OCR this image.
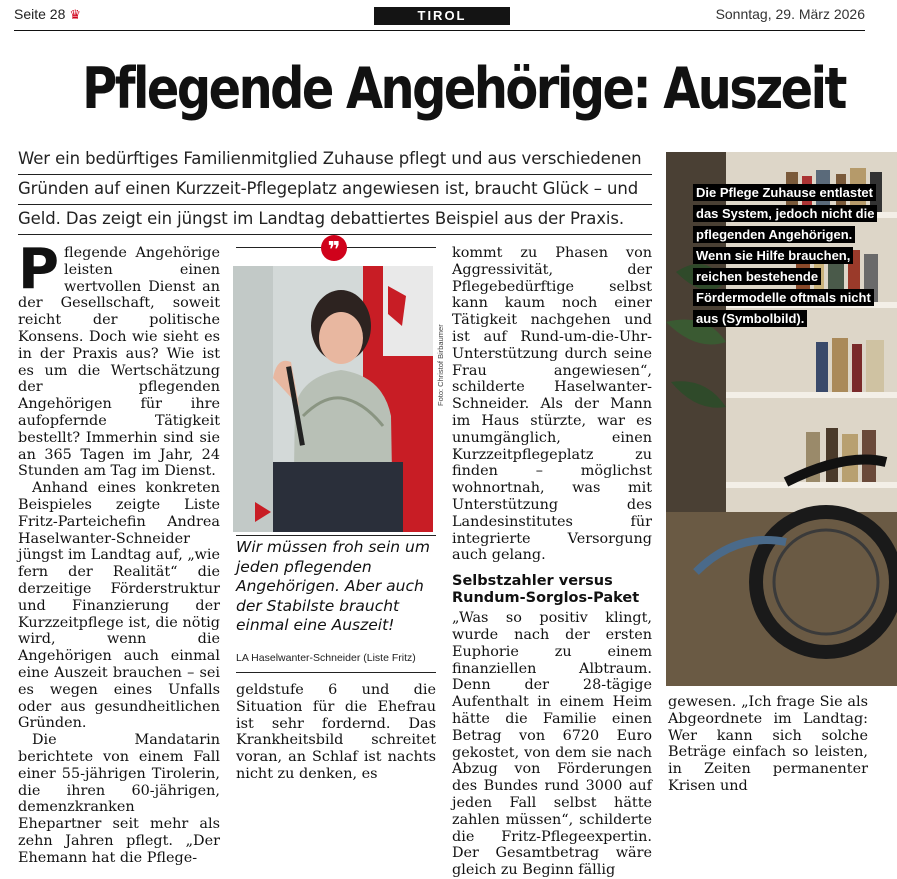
Seite 28 ♛	TIROL	Sonntag, 29. März 2026
Pflegende Angehörige: Auszeit
Wer ein bedürftiges Familienmitglied Zuhause pflegt und aus verschiedenen
Gründen auf einen Kurzzeit-Pflegeplatz angewiesen ist, braucht Glück – und
Geld. Das zeigt ein jüngst im Landtag debattiertes Beispiel aus der Praxis.

Pflegende Angehörige leisten einen wertvollen Dienst an der Gesellschaft, soweit reicht der politische Konsens. Doch wie sieht es in der Praxis aus? Wie ist es um die Wertschätzung der pflegenden Angehörigen für ihre aufopfernde Tätigkeit bestellt? Immerhin sind sie an 365 Tagen im Jahr, 24 Stunden am Tag im Dienst.

Anhand eines konkreten Beispieles zeigte Liste Fritz-Parteichefin Andrea Haselwanter-Schneider jüngst im Landtag auf, „wie fern der Realität“ die derzeitige Förderstruktur und Finanzierung der Kurzzeitpflege ist, die nötig wird, wenn die Angehörigen auch einmal eine Auszeit brauchen – sei es wegen eines Unfalls oder aus gesundheitlichen Gründen.

Die Mandatarin berichtete von einem Fall einer 55-jährigen Tirolerin, die ihren 60-jährigen, demenzkranken Ehepartner seit mehr als zehn Jahren pflegt. „Der Ehemann hat die Pflege-

❞
Foto: Christof Birbaumer
Wir müssen froh sein um jeden pflegenden Angehörigen. Aber auch der Stabilste braucht einmal eine Auszeit!
LA Haselwanter-Schneider (Liste Fritz)

geldstufe 6 und die Situation für die Ehefrau ist sehr fordernd. Das Krankheitsbild schreitet voran, an Schlaf ist nachts nicht zu denken, es

kommt zu Phasen von Aggressivität, der Pflegebedürftige selbst kann kaum noch einer Tätigkeit nachgehen und ist auf Rund-um-die-Uhr-Unterstützung durch seine Frau angewiesen“, schilderte Haselwanter-Schneider. Als der Mann im Haus stürzte, war es unumgänglich, einen Kurzzeitpflegeplatz zu finden – möglichst wohnortnah, was mit Unterstützung des Landesinstitutes für integrierte Versorgung auch gelang.

Selbstzahler versus Rundum-Sorglos-Paket

„Was so positiv klingt, wurde nach der ersten Euphorie zu einem finanziellen Albtraum. Denn der 28-tägige Aufenthalt in einem Heim hätte die Familie einen Betrag von 6720 Euro gekostet, von dem sie nach Abzug von Förderungen des Bundes rund 3000 auf jeden Fall selbst hätte zahlen müssen“, schilderte die Fritz-Pflegeexpertin. Der Gesamtbetrag wäre gleich zu Beginn fällig

Die Pflege Zuhause entlastet das System, jedoch nicht die pflegenden Angehörigen. Wenn sie Hilfe brauchen, reichen bestehende Fördermodelle oftmals nicht aus (Symbolbild).

gewesen. „Ich frage Sie als Abgeordnete im Landtag: Wer kann sich solche Beträge einfach so leisten, in Zeiten permanenter Krisen und
